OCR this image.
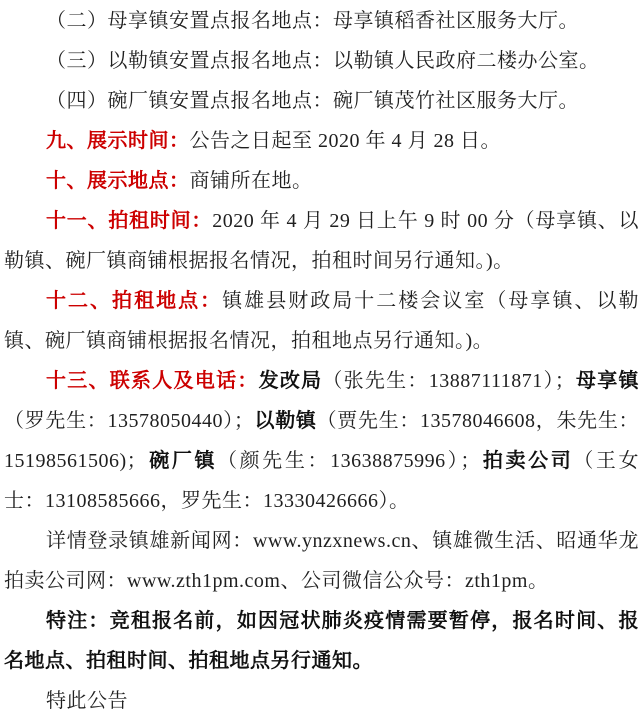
（二）母享镇安置点报名地点：母享镇稻香社区服务大厅。

（三）以勒镇安置点报名地点：以勒镇人民政府二楼办公室。

（四）碗厂镇安置点报名地点：碗厂镇茂竹社区服务大厅。

九、展示时间：公告之日起至 2020 年 4 月 28 日。

十、展示地点：商铺所在地。

十一、拍租时间：2020 年 4 月 29 日上午 9 时 00 分（母享镇、以勒镇、碗厂镇商铺根据报名情况，拍租时间另行通知。)。

十二、拍租地点：镇雄县财政局十二楼会议室（母享镇、以勒镇、碗厂镇商铺根据报名情况，拍租地点另行通知。)。

十三、联系人及电话：发改局（张先生：13887111871）；母享镇（罗先生：13578050440）；以勒镇（贾先生：13578046608，朱先生：15198561506)；碗厂镇（颜先生：13638875996）；拍卖公司（王女士：13108585666，罗先生：13330426666）。

详情登录镇雄新闻网：www.ynzxnews.cn、镇雄微生活、昭通华龙拍卖公司网：www.zth1pm.com、公司微信公众号：zth1pm。

特注：竞租报名前，如因冠状肺炎疫情需要暂停，报名时间、报名地点、拍租时间、拍租地点另行通知。

特此公告
